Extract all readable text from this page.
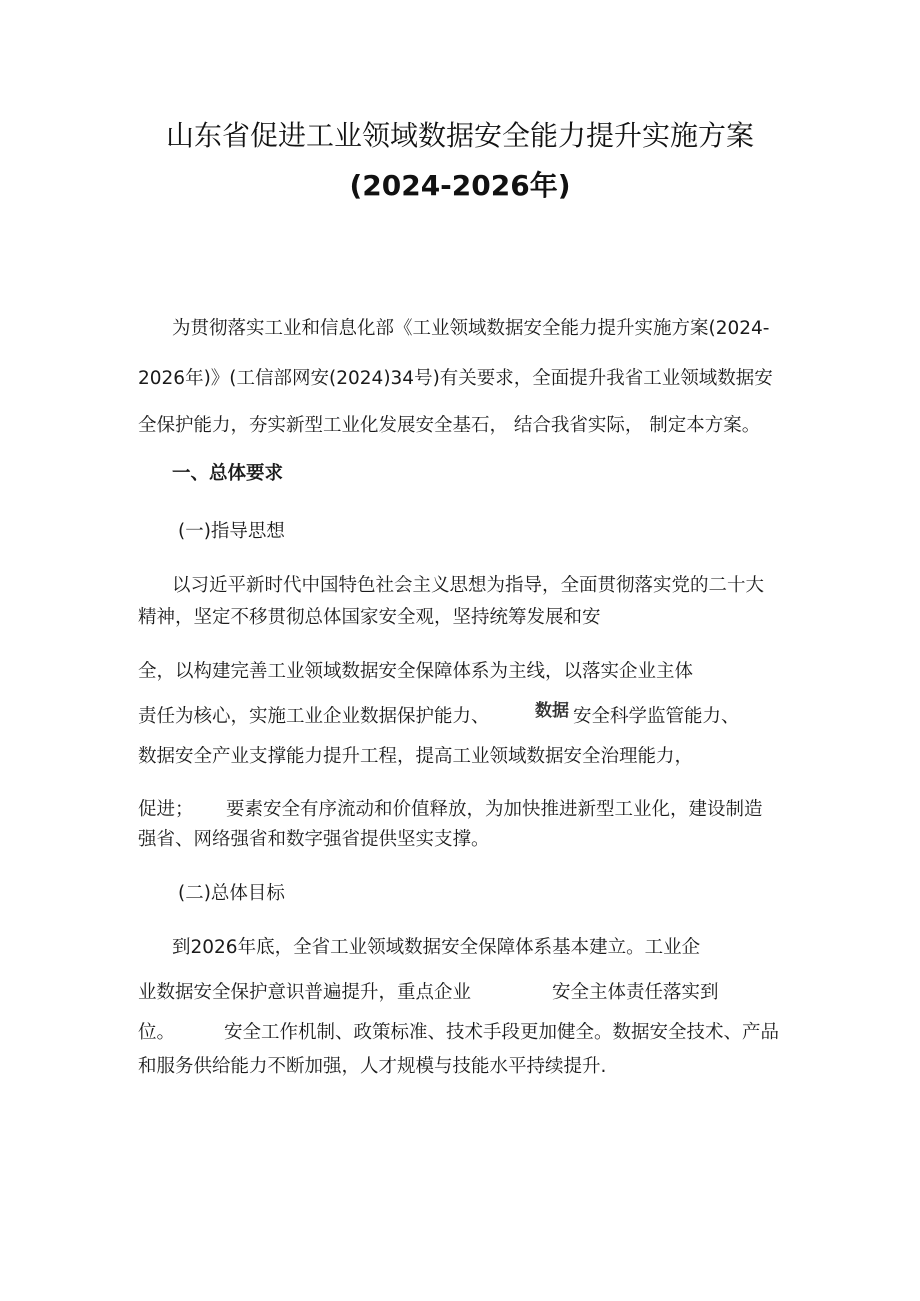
山东省促进工业领域数据安全能力提升实施方案
(2024-2026年)
为贯彻落实工业和信息化部《工业领域数据安全能力提升实施方案(2024-
2026年)》(工信部网安(2024)34号)有关要求，全面提升我省工业领域数据安
全保护能力，夯实新型工业化发展安全基石， 结合我省实际， 制定本方案。
一、总体要求
(一)指导思想
以习近平新时代中国特色社会主义思想为指导，全面贯彻落实党的二十大
精神，坚定不移贯彻总体国家安全观，坚持统筹发展和安
全，以构建完善工业领域数据安全保障体系为主线，以落实企业主体
责任为核心，实施工业企业数据保护能力、	数据 安全科学监管能力、
数据安全产业支撑能力提升工程，提高工业领域数据安全治理能力，
促进； 要素安全有序流动和价值释放，为加快推进新型工业化，建设制造
强省、网络强省和数字强省提供坚实支撑。
(二)总体目标
到2026年底，全省工业领域数据安全保障体系基本建立。工业企
业数据安全保护意识普遍提升，重点企业	安全主体责任落实到
位。	安全工作机制、政策标准、技术手段更加健全。数据安全技术、产品
和服务供给能力不断加强，人才规模与技能水平持续提升.
